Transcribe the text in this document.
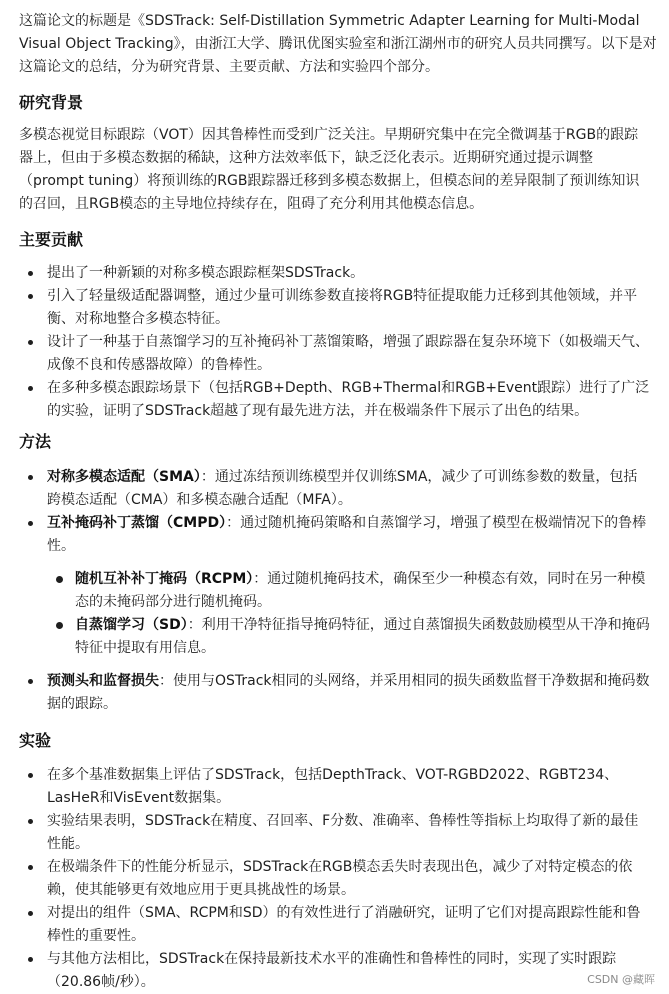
这篇论文的标题是《SDSTrack: Self-Distillation Symmetric Adapter Learning for Multi-Modal Visual Object Tracking》，由浙江大学、腾讯优图实验室和浙江湖州市的研究人员共同撰写。以下是对这篇论文的总结，分为研究背景、主要贡献、方法和实验四个部分。

研究背景

多模态视觉目标跟踪（VOT）因其鲁棒性而受到广泛关注。早期研究集中在完全微调基于RGB的跟踪器上，但由于多模态数据的稀缺，这种方法效率低下，缺乏泛化表示。近期研究通过提示调整（prompt tuning）将预训练的RGB跟踪器迁移到多模态数据上，但模态间的差异限制了预训练知识的召回，且RGB模态的主导地位持续存在，阻碍了充分利用其他模态信息。

主要贡献
提出了一种新颖的对称多模态跟踪框架SDSTrack。
引入了轻量级适配器调整，通过少量可训练参数直接将RGB特征提取能力迁移到其他领域，并平衡、对称地整合多模态特征。
设计了一种基于自蒸馏学习的互补掩码补丁蒸馏策略，增强了跟踪器在复杂环境下（如极端天气、成像不良和传感器故障）的鲁棒性。
在多种多模态跟踪场景下（包括RGB+Depth、RGB+Thermal和RGB+Event跟踪）进行了广泛的实验，证明了SDSTrack超越了现有最先进方法，并在极端条件下展示了出色的结果。
方法
对称多模态适配（SMA）：通过冻结预训练模型并仅训练SMA，减少了可训练参数的数量，包括跨模态适配（CMA）和多模态融合适配（MFA）。
互补掩码补丁蒸馏（CMPD）：通过随机掩码策略和自蒸馏学习，增强了模型在极端情况下的鲁棒性。
随机互补补丁掩码（RCPM）：通过随机掩码技术，确保至少一种模态有效，同时在另一种模态的未掩码部分进行随机掩码。
自蒸馏学习（SD）：利用干净特征指导掩码特征，通过自蒸馏损失函数鼓励模型从干净和掩码特征中提取有用信息。
预测头和监督损失：使用与OSTrack相同的头网络，并采用相同的损失函数监督干净数据和掩码数据的跟踪。
实验
在多个基准数据集上评估了SDSTrack，包括DepthTrack、VOT-RGBD2022、RGBT234、LasHeR和VisEvent数据集。
实验结果表明，SDSTrack在精度、召回率、F分数、准确率、鲁棒性等指标上均取得了新的最佳性能。
在极端条件下的性能分析显示，SDSTrack在RGB模态丢失时表现出色，减少了对特定模态的依赖，使其能够更有效地应用于更具挑战性的场景。
对提出的组件（SMA、RCPM和SD）的有效性进行了消融研究，证明了它们对提高跟踪性能和鲁棒性的重要性。
与其他方法相比，SDSTrack在保持最新技术水平的准确性和鲁棒性的同时，实现了实时跟踪（20.86帧/秒）。	CSDN @藏晖
